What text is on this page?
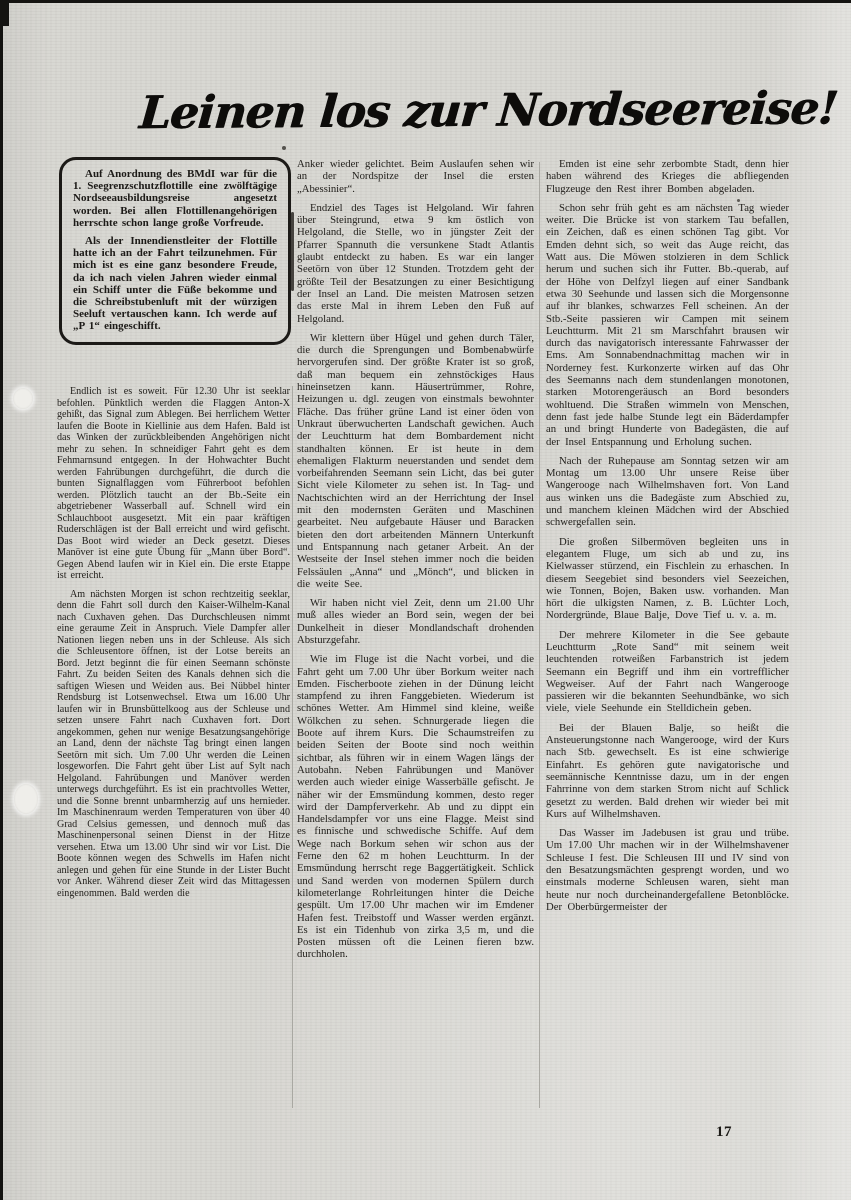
Leinen los zur Nordseereise!

Auf Anordnung des BMdI war für die 1. Seegrenzschutzflottille eine zwölftägige Nordseeausbildungsreise angesetzt worden. Bei allen Flottillenangehörigen herrschte schon lange große Vorfreude.

Als der Innendienstleiter der Flottille hatte ich an der Fahrt teilzunehmen. Für mich ist es eine ganz besondere Freude, da ich nach vielen Jahren wieder einmal ein Schiff unter die Füße bekomme und die Schreibstubenluft mit der würzigen Seeluft vertauschen kann. Ich werde auf „P 1“ eingeschifft.

Endlich ist es soweit. Für 12.30 Uhr ist seeklar befohlen. Pünktlich werden die Flaggen Anton-X gehißt, das Signal zum Ablegen. Bei herrlichem Wetter laufen die Boote in Kiellinie aus dem Hafen. Bald ist das Winken der zurückbleibenden Angehörigen nicht mehr zu sehen. In schneidiger Fahrt geht es dem Fehmarnsund entgegen. In der Hohwachter Bucht werden Fahrübungen durchgeführt, die durch die bunten Signalflaggen vom Führerboot befohlen werden. Plötzlich taucht an der Bb.-Seite ein abgetriebener Wasserball auf. Schnell wird ein Schlauchboot ausgesetzt. Mit ein paar kräftigen Ruderschlägen ist der Ball erreicht und wird gefischt. Das Boot wird wieder an Deck gesetzt. Dieses Manöver ist eine gute Übung für „Mann über Bord“. Gegen Abend laufen wir in Kiel ein. Die erste Etappe ist erreicht.

Am nächsten Morgen ist schon rechtzeitig seeklar, denn die Fahrt soll durch den Kaiser-Wilhelm-Kanal nach Cuxhaven gehen. Das Durchschleusen nimmt eine geraume Zeit in Anspruch. Viele Dampfer aller Nationen liegen neben uns in der Schleuse. Als sich die Schleusentore öffnen, ist der Lotse bereits an Bord. Jetzt beginnt die für einen Seemann schönste Fahrt. Zu beiden Seiten des Kanals dehnen sich die saftigen Wiesen und Weiden aus. Bei Nübbel hinter Rendsburg ist Lotsenwechsel. Etwa um 16.00 Uhr laufen wir in Brunsbüttelkoog aus der Schleuse und setzen unsere Fahrt nach Cuxhaven fort. Dort angekommen, gehen nur wenige Besatzungsangehörige an Land, denn der nächste Tag bringt einen langen Seetörn mit sich. Um 7.00 Uhr werden die Leinen losgeworfen. Die Fahrt geht über List auf Sylt nach Helgoland. Fahrübungen und Manöver werden unterwegs durchgeführt. Es ist ein prachtvolles Wetter, und die Sonne brennt unbarmherzig auf uns hernieder. Im Maschinenraum werden Temperaturen von über 40 Grad Celsius gemessen, und dennoch muß das Maschinenpersonal seinen Dienst in der Hitze versehen. Etwa um 13.00 Uhr sind wir vor List. Die Boote können wegen des Schwells im Hafen nicht anlegen und gehen für eine Stunde in der Lister Bucht vor Anker. Während dieser Zeit wird das Mittagessen eingenommen. Bald werden die

Anker wieder gelichtet. Beim Auslaufen sehen wir an der Nordspitze der Insel die ersten „Abessinier“.

Endziel des Tages ist Helgoland. Wir fahren über Steingrund, etwa 9 km östlich von Helgoland, die Stelle, wo in jüngster Zeit der Pfarrer Spannuth die versunkene Stadt Atlantis glaubt entdeckt zu haben. Es war ein langer Seetörn von über 12 Stunden. Trotzdem geht der größte Teil der Besatzungen zu einer Besichtigung der Insel an Land. Die meisten Matrosen setzen das erste Mal in ihrem Leben den Fuß auf Helgoland.

Wir klettern über Hügel und gehen durch Täler, die durch die Sprengungen und Bombenabwürfe hervorgerufen sind. Der größte Krater ist so groß, daß man bequem ein zehnstöckiges Haus hineinsetzen kann. Häusertrümmer, Rohre, Heizungen u. dgl. zeugen von einstmals bewohnter Fläche. Das früher grüne Land ist einer öden von Unkraut überwucherten Landschaft gewichen. Auch der Leuchtturm hat dem Bombardement nicht standhalten können. Er ist heute in dem ehemaligen Flakturm neuerstanden und sendet dem vorbeifahrenden Seemann sein Licht, das bei guter Sicht viele Kilometer zu sehen ist. In Tag- und Nachtschichten wird an der Herrichtung der Insel mit den modernsten Geräten und Maschinen gearbeitet. Neu aufgebaute Häuser und Baracken bieten den dort arbeitenden Männern Unterkunft und Entspannung nach getaner Arbeit. An der Westseite der Insel stehen immer noch die beiden Felssäulen „Anna“ und „Mönch“, und blicken in die weite See.

Wir haben nicht viel Zeit, denn um 21.00 Uhr muß alles wieder an Bord sein, wegen der bei Dunkelheit in dieser Mondlandschaft drohenden Absturzgefahr.

Wie im Fluge ist die Nacht vorbei, und die Fahrt geht um 7.00 Uhr über Borkum weiter nach Emden. Fischerboote ziehen in der Dünung leicht stampfend zu ihren Fanggebieten. Wiederum ist schönes Wetter. Am Himmel sind kleine, weiße Wölkchen zu sehen. Schnurgerade liegen die Boote auf ihrem Kurs. Die Schaumstreifen zu beiden Seiten der Boote sind noch weithin sichtbar, als führen wir in einem Wagen längs der Autobahn. Neben Fahrübungen und Manöver werden auch wieder einige Wasserbälle gefischt. Je näher wir der Emsmündung kommen, desto reger wird der Dampferverkehr. Ab und zu dippt ein Handelsdampfer vor uns eine Flagge. Meist sind es finnische und schwedische Schiffe. Auf dem Wege nach Borkum sehen wir schon aus der Ferne den 62 m hohen Leuchtturm. In der Emsmündung herrscht rege Baggertätigkeit. Schlick und Sand werden von modernen Spülern durch kilometerlange Rohrleitungen hinter die Deiche gespült. Um 17.00 Uhr machen wir im Emdener Hafen fest. Treibstoff und Wasser werden ergänzt. Es ist ein Tidenhub von zirka 3,5 m, und die Posten müssen oft die Leinen fieren bzw. durchholen.

Emden ist eine sehr zerbombte Stadt, denn hier haben während des Krieges die abfliegenden Flugzeuge den Rest ihrer Bomben abgeladen.

Schon sehr früh geht es am nächsten Tag wieder weiter. Die Brücke ist von starkem Tau befallen, ein Zeichen, daß es einen schönen Tag gibt. Vor Emden dehnt sich, so weit das Auge reicht, das Watt aus. Die Möwen stolzieren in dem Schlick herum und suchen sich ihr Futter. Bb.-querab, auf der Höhe von Delfzyl liegen auf einer Sandbank etwa 30 Seehunde und lassen sich die Morgensonne auf ihr blankes, schwarzes Fell scheinen. An der Stb.-Seite passieren wir Campen mit seinem Leuchtturm. Mit 21 sm Marschfahrt brausen wir durch das navigatorisch interessante Fahrwasser der Ems. Am Sonnabendnachmittag machen wir in Norderney fest. Kurkonzerte wirken auf das Ohr des Seemanns nach dem stundenlangen monotonen, starken Motorengeräusch an Bord besonders wohltuend. Die Straßen wimmeln von Menschen, denn fast jede halbe Stunde legt ein Bäderdampfer an und bringt Hunderte von Badegästen, die auf der Insel Entspannung und Erholung suchen.

Nach der Ruhepause am Sonntag setzen wir am Montag um 13.00 Uhr unsere Reise über Wangerooge nach Wilhelmshaven fort. Von Land aus winken uns die Badegäste zum Abschied zu, und manchem kleinen Mädchen wird der Abschied schwergefallen sein.

Die großen Silbermöven begleiten uns in elegantem Fluge, um sich ab und zu, ins Kielwasser stürzend, ein Fischlein zu erhaschen. In diesem Seegebiet sind besonders viel Seezeichen, wie Tonnen, Bojen, Baken usw. vorhanden. Man hört die ulkigsten Namen, z. B. Lüchter Loch, Nordergründe, Blaue Balje, Dove Tief u. v. a. m.

Der mehrere Kilometer in die See gebaute Leuchtturm „Rote Sand“ mit seinem weit leuchtenden rotweißen Farbanstrich ist jedem Seemann ein Begriff und ihm ein vortrefflicher Wegweiser. Auf der Fahrt nach Wangerooge passieren wir die bekannten Seehundbänke, wo sich viele, viele Seehunde ein Stelldichein geben.

Bei der Blauen Balje, so heißt die Ansteuerungstonne nach Wangerooge, wird der Kurs nach Stb. gewechselt. Es ist eine schwierige Einfahrt. Es gehören gute navigatorische und seemännische Kenntnisse dazu, um in der engen Fahrrinne von dem starken Strom nicht auf Schlick gesetzt zu werden. Bald drehen wir wieder bei mit Kurs auf Wilhelmshaven.

Das Wasser im Jadebusen ist grau und trübe. Um 17.00 Uhr machen wir in der Wilhelmshavener Schleuse I fest. Die Schleusen III und IV sind von den Besatzungsmächten gesprengt worden, und wo einstmals moderne Schleusen waren, sieht man heute nur noch durcheinandergefallene Betonblöcke. Der Oberbürgermeister der

17
